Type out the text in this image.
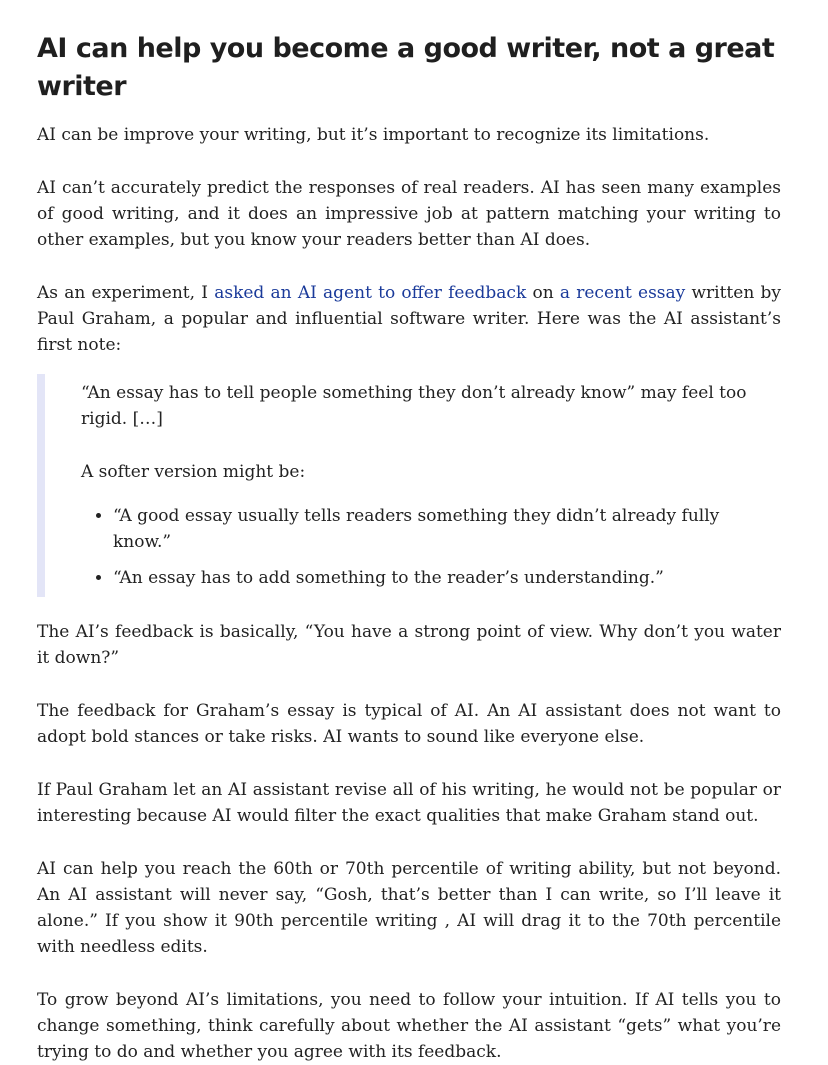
AI can help you become a good writer, not a great writer

AI can be improve your writing, but it’s important to recognize its limitations.

AI can’t accurately predict the responses of real readers. AI has seen many examples of good writing, and it does an impressive job at pattern matching your writing to other examples, but you know your readers better than AI does.

As an experiment, I asked an AI agent to offer feedback on a recent essay written by Paul Graham, a popular and influential software writer. Here was the AI assistant’s first note:

“An essay has to tell people something they don’t already know” may feel too rigid. […]

A softer version might be:

• “A good essay usually tells readers something they didn’t already fully know.”
• “An essay has to add something to the reader’s understanding.”

The AI’s feedback is basically, “You have a strong point of view. Why don’t you water it down?”

The feedback for Graham’s essay is typical of AI. An AI assistant does not want to adopt bold stances or take risks. AI wants to sound like everyone else.

If Paul Graham let an AI assistant revise all of his writing, he would not be popular or interesting because AI would filter the exact qualities that make Graham stand out.

AI can help you reach the 60th or 70th percentile of writing ability, but not beyond. An AI assistant will never say, “Gosh, that’s better than I can write, so I’ll leave it alone.” If you show it 90th percentile writing , AI will drag it to the 70th percentile with needless edits.

To grow beyond AI’s limitations, you need to follow your intuition. If AI tells you to change something, think carefully about whether the AI assistant “gets” what you’re trying to do and whether you agree with its feedback.
